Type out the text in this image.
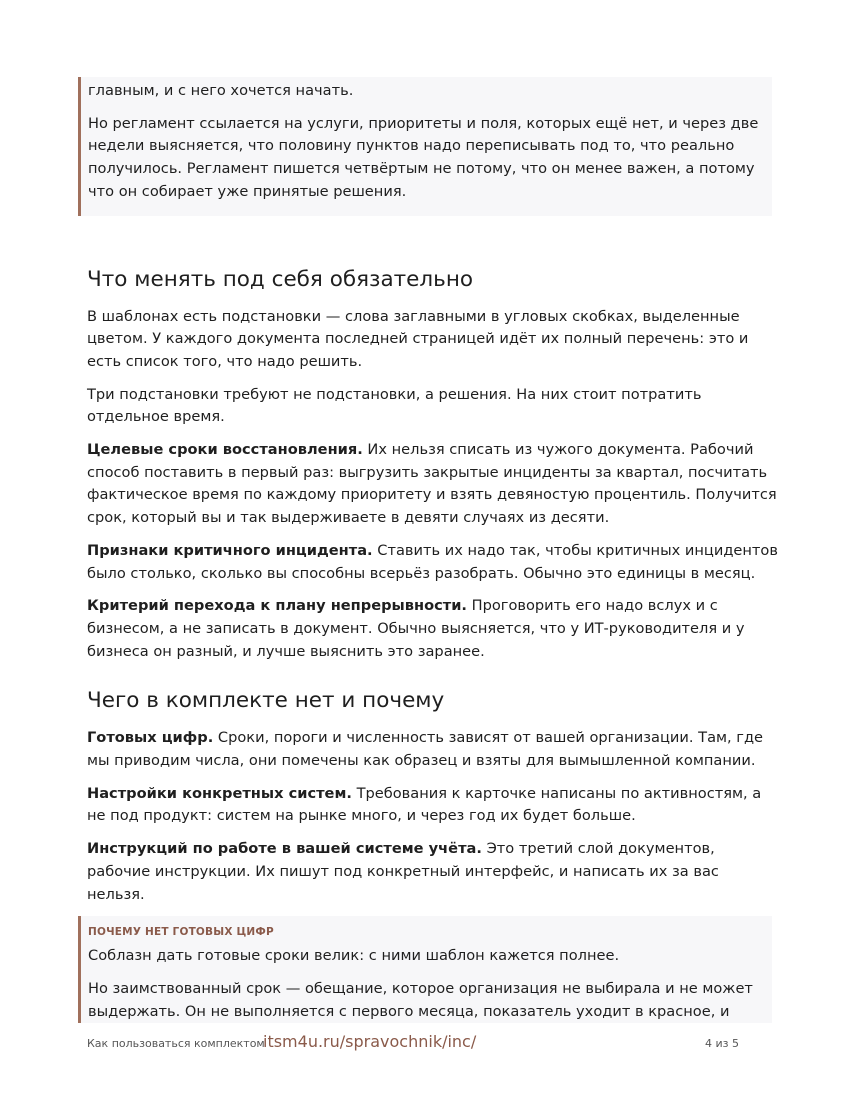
главным, и с него хочется начать.

Но регламент ссылается на услуги, приоритеты и поля, которых ещё нет, и через две недели выясняется, что половину пунктов надо переписывать под то, что реально получилось. Регламент пишется четвёртым не потому, что он менее важен, а потому что он собирает уже принятые решения.

Что менять под себя обязательно

В шаблонах есть подстановки — слова заглавными в угловых скобках, выделенные цветом. У каждого документа последней страницей идёт их полный перечень: это и есть список того, что надо решить.

Три подстановки требуют не подстановки, а решения. На них стоит потратить отдельное время.

Целевые сроки восстановления. Их нельзя списать из чужого документа. Рабочий способ поставить в первый раз: выгрузить закрытые инциденты за квартал, посчитать фактическое время по каждому приоритету и взять девяностую процентиль. Получится срок, который вы и так выдерживаете в девяти случаях из десяти.

Признаки критичного инцидента. Ставить их надо так, чтобы критичных инцидентов было столько, сколько вы способны всерьёз разобрать. Обычно это единицы в месяц.

Критерий перехода к плану непрерывности. Проговорить его надо вслух и с бизнесом, а не записать в документ. Обычно выясняется, что у ИТ-руководителя и у бизнеса он разный, и лучше выяснить это заранее.

Чего в комплекте нет и почему

Готовых цифр. Сроки, пороги и численность зависят от вашей организации. Там, где мы приводим числа, они помечены как образец и взяты для вымышленной компании.

Настройки конкретных систем. Требования к карточке написаны по активностям, а не под продукт: систем на рынке много, и через год их будет больше.

Инструкций по работе в вашей системе учёта. Это третий слой документов, рабочие инструкции. Их пишут под конкретный интерфейс, и написать их за вас нельзя.

ПОЧЕМУ НЕТ ГОТОВЫХ ЦИФР

Соблазн дать готовые сроки велик: с ними шаблон кажется полнее.

Но заимствованный срок — обещание, которое организация не выбирала и не может выдержать. Он не выполняется с первого месяца, показатель уходит в красное, и

Как пользоваться комплектом
itsm4u.ru/spravochnik/inc/	4 из 5
